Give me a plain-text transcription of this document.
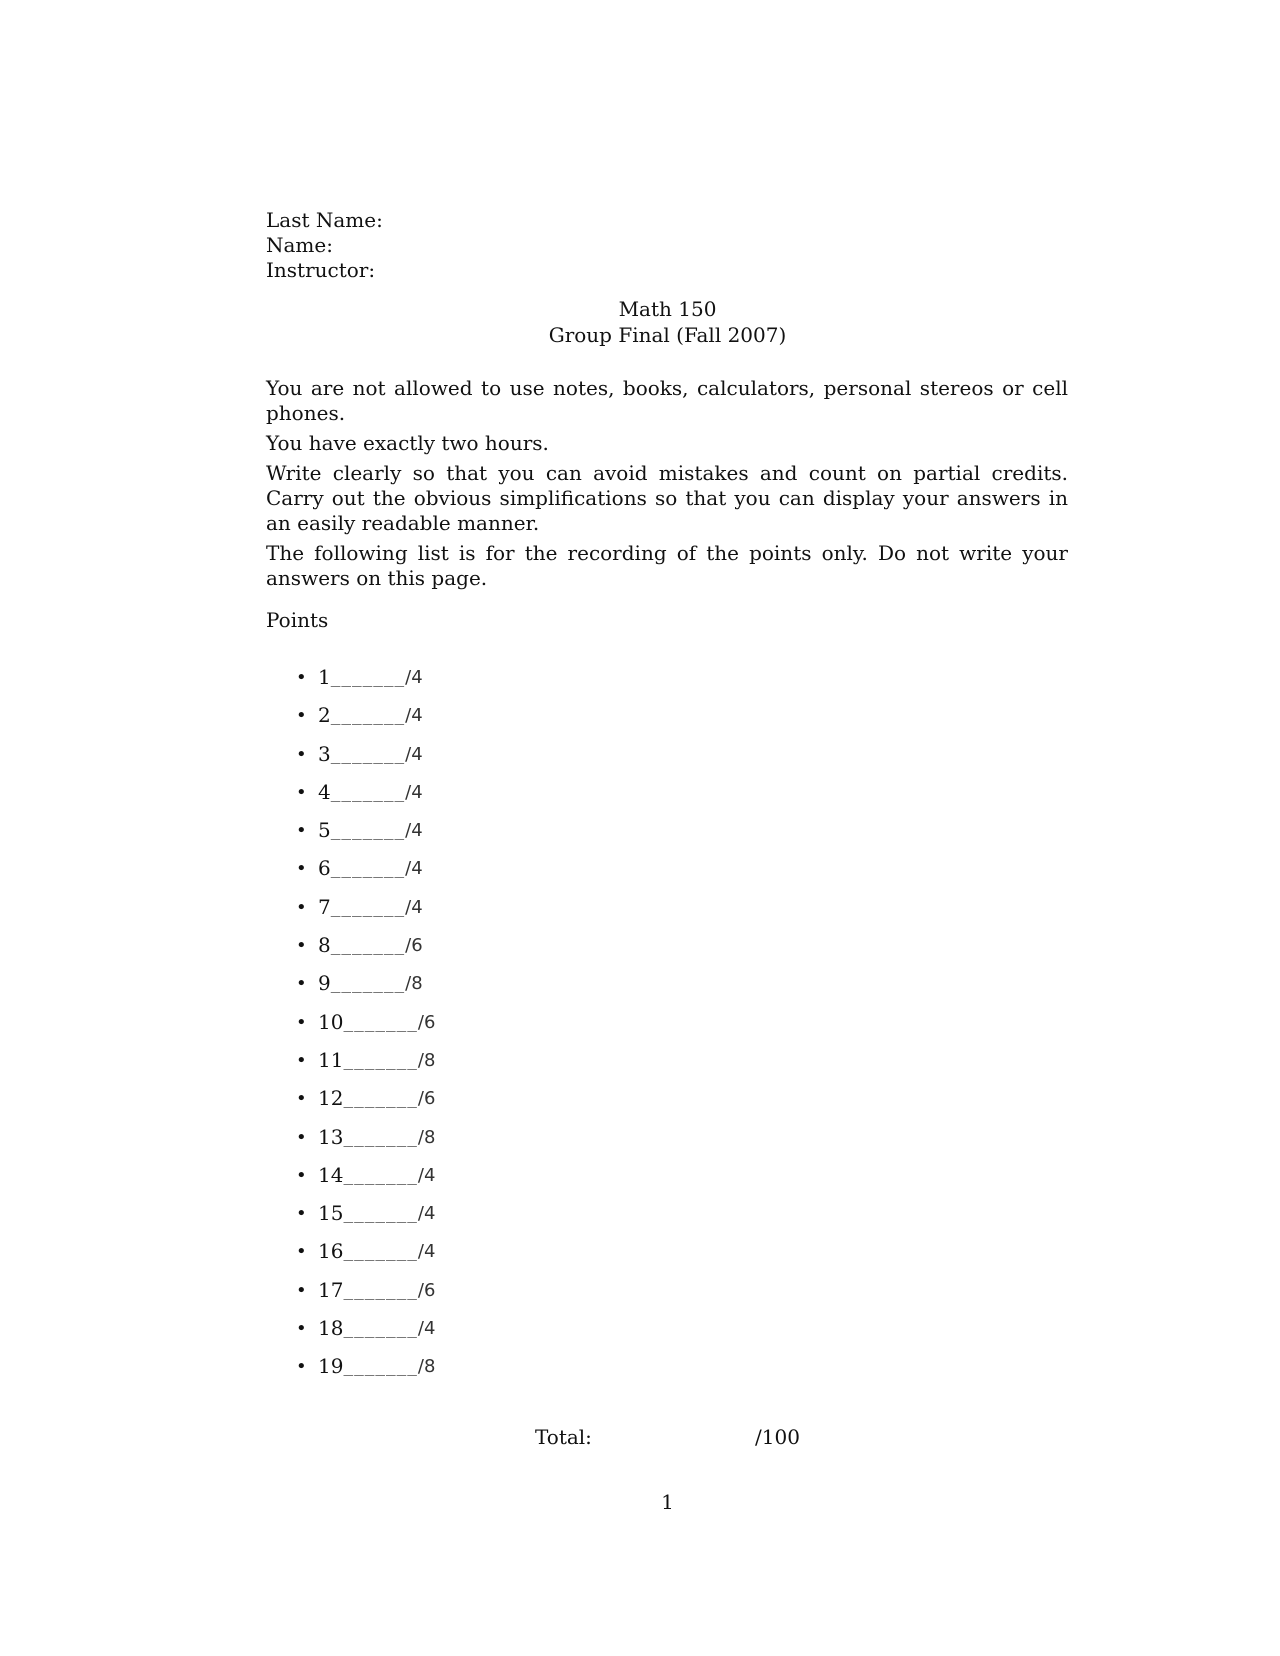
Last Name:
Name:
Instructor:
Math 150
Group Final (Fall 2007)

You are not allowed to use notes, books, calculators, personal stereos or cell phones.

You have exactly two hours.

Write clearly so that you can avoid mistakes and count on partial credits. Carry out the obvious simplifications so that you can display your answers in an easily readable manner.

The following list is for the recording of the points only. Do not write your answers on this page.

Points
• 1 _______ /4
• 2 _______ /4
• 3 _______ /4
• 4 _______ /4
• 5 _______ /4
• 6 _______ /4
• 7 _______ /4
• 8 _______ /6
• 9 _______ /8
• 10 _______ /6
• 11 _______ /8
• 12 _______ /6
• 13 _______ /8
• 14 _______ /4
• 15 _______ /4
• 16 _______ /4
• 17 _______ /6
• 18 _______ /4
• 19 _______ /8
Total:	/100
1
